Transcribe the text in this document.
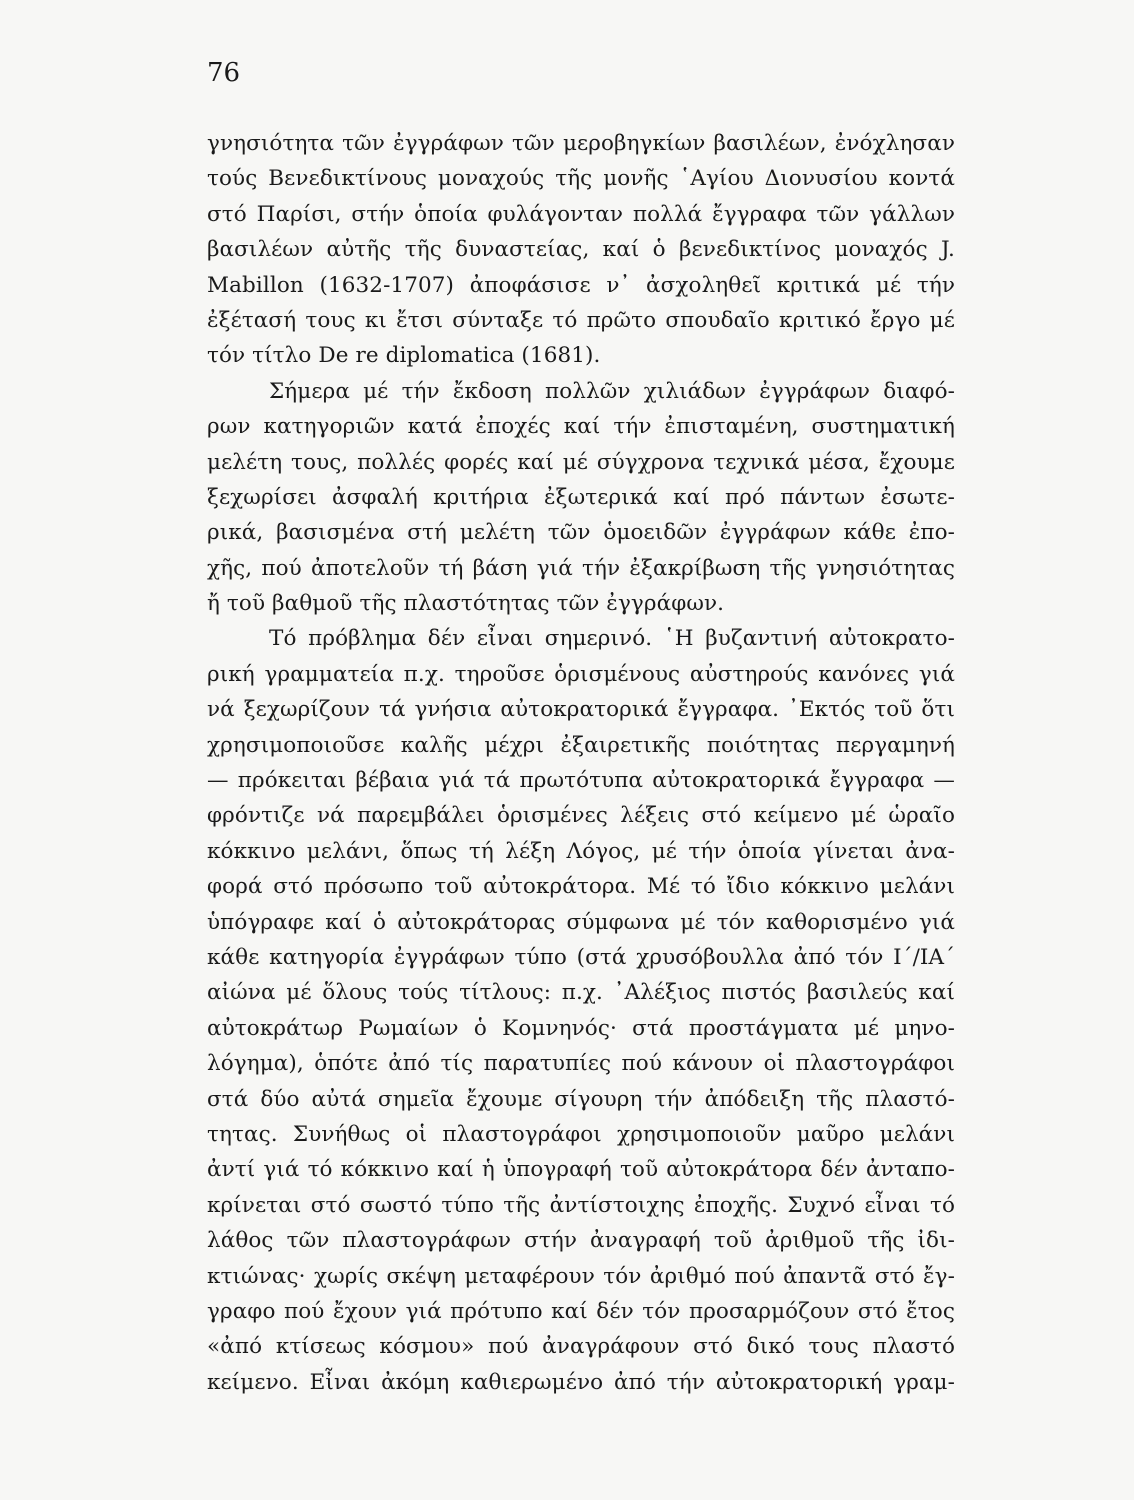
76
γνησιότητα τῶν ἐγγράφων τῶν μεροβηγκίων βασιλέων, ἐνόχλησαν
τούς Βενεδικτίνους μοναχούς τῆς μονῆς ῾Αγίου Διονυσίου κοντά
στό Παρίσι, στήν ὁποία φυλάγονταν πολλά ἔγγραφα τῶν γάλλων
βασιλέων αὐτῆς τῆς δυναστείας, καί ὁ βενεδικτίνος μοναχός J.
Mabillon (1632-1707) ἀποφάσισε ν᾽ ἀσχοληθεῖ κριτικά μέ τήν
ἐξέτασή τους κι ἔτσι σύνταξε τό πρῶτο σπουδαῖο κριτικό ἔργο μέ
τόν τίτλο De re diplomatica (1681).
Σήμερα μέ τήν ἔκδοση πολλῶν χιλιάδων ἐγγράφων διαφό-
ρων κατηγοριῶν κατά ἐποχές καί τήν ἐπισταμένη, συστηματική
μελέτη τους, πολλές φορές καί μέ σύγχρονα τεχνικά μέσα, ἔχουμε
ξεχωρίσει ἀσφαλή κριτήρια ἐξωτερικά καί πρό πάντων ἐσωτε-
ρικά, βασισμένα στή μελέτη τῶν ὁμοειδῶν ἐγγράφων κάθε ἐπο-
χῆς, πού ἀποτελοῦν τή βάση γιά τήν ἐξακρίβωση τῆς γνησιότητας
ἤ τοῦ βαθμοῦ τῆς πλαστότητας τῶν ἐγγράφων.
Τό πρόβλημα δέν εἶναι σημερινό. ῾Η βυζαντινή αὐτοκρατο-
ρική γραμματεία π.χ. τηροῦσε ὁρισμένους αὐστηρούς κανόνες γιά
νά ξεχωρίζουν τά γνήσια αὐτοκρατορικά ἔγγραφα. ᾽Εκτός τοῦ ὅτι
χρησιμοποιοῦσε καλῆς μέχρι ἐξαιρετικῆς ποιότητας περγαμηνή
— πρόκειται βέβαια γιά τά πρωτότυπα αὐτοκρατορικά ἔγγραφα —
φρόντιζε νά παρεμβάλει ὁρισμένες λέξεις στό κείμενο μέ ὡραῖο
κόκκινο μελάνι, ὅπως τή λέξη Λόγος, μέ τήν ὁποία γίνεται ἀνα-
φορά στό πρόσωπο τοῦ αὐτοκράτορα. Μέ τό ἴδιο κόκκινο μελάνι
ὑπόγραφε καί ὁ αὐτοκράτορας σύμφωνα μέ τόν καθορισμένο γιά
κάθε κατηγορία ἐγγράφων τύπο (στά χρυσόβουλλα ἀπό τόν Ι´/ΙΑ´
αἰώνα μέ ὅλους τούς τίτλους: π.χ. ᾽Αλέξιος πιστός βασιλεύς καί
αὐτοκράτωρ Ρωμαίων ὁ Κομνηνός· στά προστάγματα μέ μηνο-
λόγημα), ὁπότε ἀπό τίς παρατυπίες πού κάνουν οἱ πλαστογράφοι
στά δύο αὐτά σημεῖα ἔχουμε σίγουρη τήν ἀπόδειξη τῆς πλαστό-
τητας. Συνήθως οἱ πλαστογράφοι χρησιμοποιοῦν μαῦρο μελάνι
ἀντί γιά τό κόκκινο καί ἡ ὑπογραφή τοῦ αὐτοκράτορα δέν ἀνταπο-
κρίνεται στό σωστό τύπο τῆς ἀντίστοιχης ἐποχῆς. Συχνό εἶναι τό
λάθος τῶν πλαστογράφων στήν ἀναγραφή τοῦ ἀριθμοῦ τῆς ἰδι-
κτιώνας· χωρίς σκέψη μεταφέρουν τόν ἀριθμό πού ἀπαντᾶ στό ἔγ-
γραφο πού ἔχουν γιά πρότυπο καί δέν τόν προσαρμόζουν στό ἔτος
«ἀπό κτίσεως κόσμου» πού ἀναγράφουν στό δικό τους πλαστό
κείμενο. Εἶναι ἀκόμη καθιερωμένο ἀπό τήν αὐτοκρατορική γραμ-
